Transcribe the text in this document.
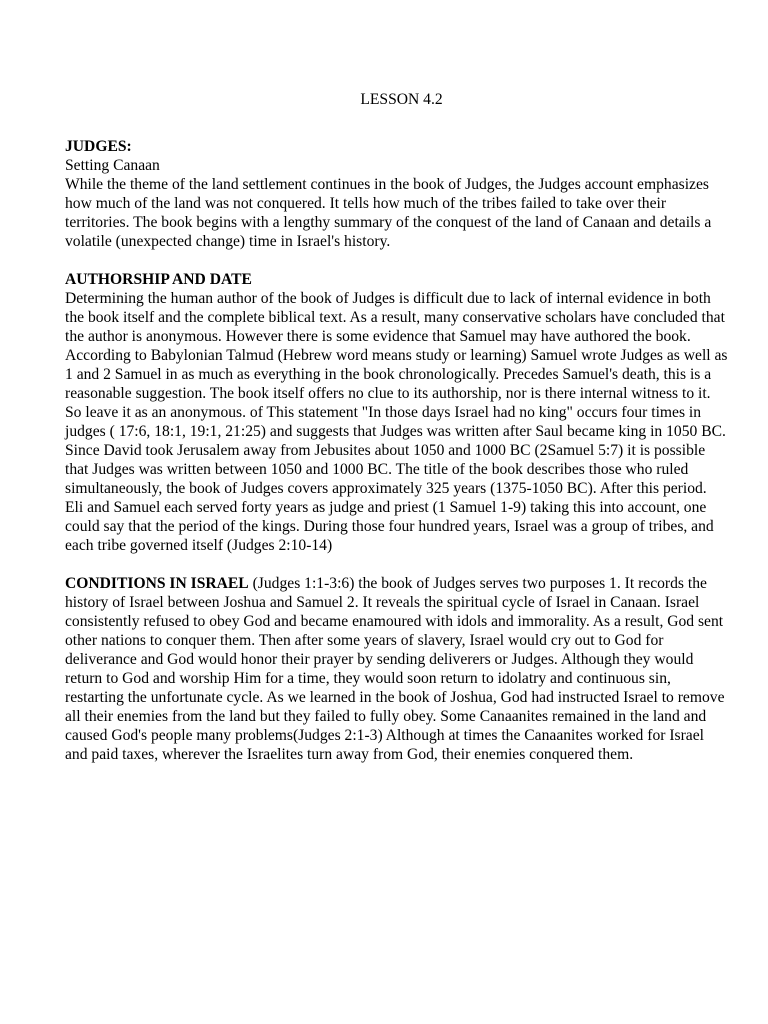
LESSON 4.2
JUDGES:
Setting Canaan

While the theme of the land settlement continues in the book of Judges, the Judges account emphasizes how much of the land was not conquered. It tells how much of the tribes failed to take over their territories. The book begins with a lengthy summary of the conquest of the land of Canaan and details a volatile (unexpected change) time in Israel's history.

AUTHORSHIP AND DATE

Determining the human author of the book of Judges is difficult due to lack of internal evidence in both the book itself and the complete biblical text. As a result, many conservative scholars have concluded that the author is anonymous. However there is some evidence that Samuel may have authored the book. According to Babylonian Talmud (Hebrew word means study or learning) Samuel wrote Judges as well as 1 and 2 Samuel in as much as everything in the book chronologically. Precedes Samuel's death, this is a reasonable suggestion. The book itself offers no clue to its authorship, nor is there internal witness to it. So leave it as an anonymous. of This statement "In those days Israel had no king" occurs four times in judges ( 17:6, 18:1, 19:1, 21:25) and suggests that Judges was written after Saul became king in 1050 BC. Since David took Jerusalem away from Jebusites about 1050 and 1000 BC (2Samuel 5:7) it is possible that Judges was written between 1050 and 1000 BC. The title of the book describes those who ruled simultaneously, the book of Judges covers approximately 325 years (1375-1050 BC). After this period. Eli and Samuel each served forty years as judge and priest (1 Samuel 1-9) taking this into account, one could say that the period of the kings. During those four hundred years, Israel was a group of tribes, and each tribe governed itself (Judges 2:10-14)

CONDITIONS IN ISRAEL (Judges 1:1-3:6) the book of Judges serves two purposes 1. It records the history of Israel between Joshua and Samuel 2. It reveals the spiritual cycle of Israel in Canaan. Israel consistently refused to obey God and became enamoured with idols and immorality. As a result, God sent other nations to conquer them. Then after some years of slavery, Israel would cry out to God for deliverance and God would honor their prayer by sending deliverers or Judges. Although they would return to God and worship Him for a time, they would soon return to idolatry and continuous sin, restarting the unfortunate cycle. As we learned in the book of Joshua, God had instructed Israel to remove all their enemies from the land but they failed to fully obey. Some Canaanites remained in the land and caused God's people many problems(Judges 2:1-3) Although at times the Canaanites worked for Israel and paid taxes, wherever the Israelites turn away from God, their enemies conquered them.
